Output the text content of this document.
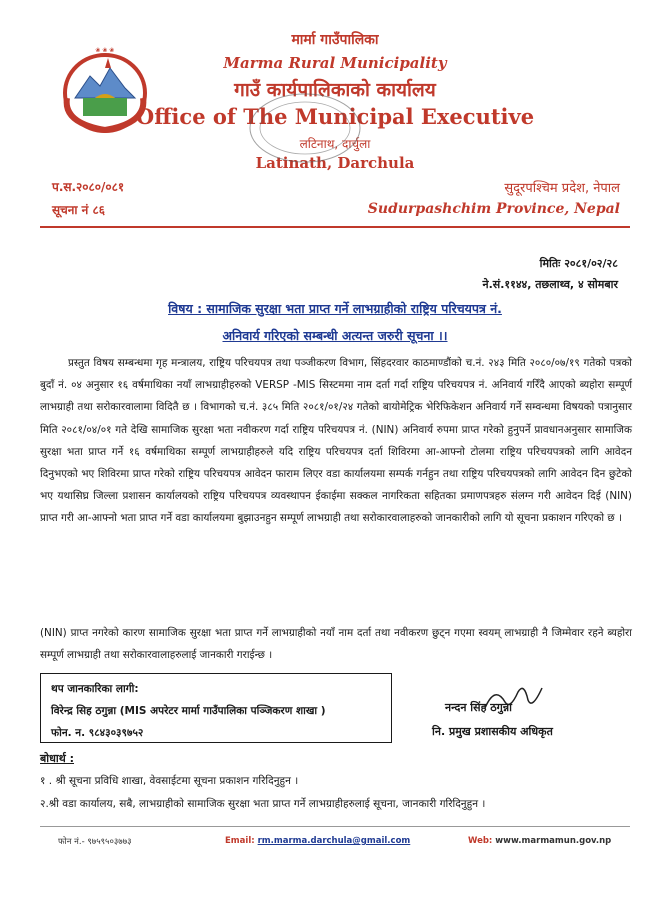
❀ ❀ ❀
मार्मा गाउँपालिका
Marma Rural Municipality
गाउँ कार्यपालिकाको कार्यालय
Office of The Municipal Executive
लटिनाथ, दार्चुला
Latinath, Darchula
प.स.२०८०/०८१
सूचना नं ८६
सुदूरपश्चिम प्रदेश, नेपाल
Sudurpashchim Province, Nepal
मितिः २०८१/०२/२८
ने.सं.११४४, तछलाथ्व, ४ सोमबार
विषय : सामाजिक सुरक्षा भता प्राप्त गर्ने लाभग्राहीको राष्ट्रिय परिचयपत्र नं.
अनिवार्य गरिएको सम्बन्धी अत्यन्त जरुरी सूचना ।।
प्रस्तुत विषय सम्बन्धमा गृह मन्त्रालय, राष्ट्रिय परिचयपत्र तथा पञ्जीकरण विभाग, सिंहदरवार काठमाण्डौंको च.नं. २४३ मिति २०८०/०७/१९ गतेको पत्रको बुदाँ नं. ०४ अनुसार १६ वर्षमाथिका नयाँ लाभग्राहीहरुको VERSP -MIS सिस्टममा नाम दर्ता गर्दा राष्ट्रिय परिचयपत्र नं. अनिवार्य गरिँदै आएको ब्यहोरा सम्पूर्ण लाभग्राही तथा सरोकारवालामा विदितै छ । विभागको च.नं. ३८५ मिति २०८१/०१/२४ गतेको बायोमेट्रिक भेरिफिकेशन अनिवार्य गर्ने सम्वन्धमा विषयको पत्रानुसार मिति २०८१/०४/०१ गते देखि सामाजिक सुरक्षा भता नवीकरण गर्दा राष्ट्रिय परिचयपत्र नं. (NIN) अनिवार्य रुपमा प्राप्त गरेको हुनुपर्ने प्रावधानअनुसार सामाजिक सुरक्षा भता प्राप्त गर्ने १६ वर्षमाथिका सम्पूर्ण लाभग्राहीहरुले यदि राष्ट्रिय परिचयपत्र दर्ता शिविरमा आ-आफ्नो टोलमा राष्ट्रिय परिचयपत्रको लागि आवेदन दिनुभएको भए शिविरमा प्राप्त गरेको राष्ट्रिय परिचयपत्र आवेदन फाराम लिएर वडा कार्यालयमा सम्पर्क गर्नहुन तथा राष्ट्रिय परिचयपत्रको लागि आवेदन दिन छुटेको भए यथासिघ्र जिल्ला प्रशासन कार्यालयको राष्ट्रिय परिचयपत्र व्यवस्थापन ईकाईमा सक्कल नागरिकता सहितका प्रमाणपत्रहरु संलग्न गरी आवेदन दिई (NIN) प्राप्त गरी आ-आफ्नो भता प्राप्त गर्ने वडा कार्यालयमा बुझाउनहुन सम्पूर्ण लाभग्राही तथा सरोकारवालाहरुको जानकारीको लागि यो सूचना प्रकाशन गरिएको छ ।
(NIN) प्राप्त नगरेको कारण सामाजिक सुरक्षा भता प्राप्त गर्ने लाभग्राहीको नयाँ नाम दर्ता तथा नवीकरण छुट्न गएमा स्वयम् लाभग्राही नै जिम्मेवार रहने ब्यहोरा सम्पूर्ण लाभग्राही तथा सरोकारवालाहरुलाई जानकारी गराईन्छ ।
थप जानकारिका लागी:
विरेन्द्र सिह ठगुन्ना (MIS अपरेटर मार्मा गाउँपालिका पञ्जिकरण शाखा )
फोन. न. ९८४३०३९७५२
नन्दन सिंह ठगुन्ना
नि. प्रमुख प्रशासकीय अधिकृत
बोधार्थ :
१ . श्री सूचना प्रविधि शाखा, वेवसाईटमा सूचना प्रकाशन गरिदिनुहुन ।
२.श्री वडा कार्यालय, सबै, लाभग्राहीको सामाजिक सुरक्षा भता प्राप्त गर्ने लाभग्राहीहरुलाई सूचना, जानकारी गरिदिनुहुन ।
फोन नं.- ९७५९५०३७७३	Email: rm.marma.darchula@gmail.com	Web: www.marmamun.gov.np
